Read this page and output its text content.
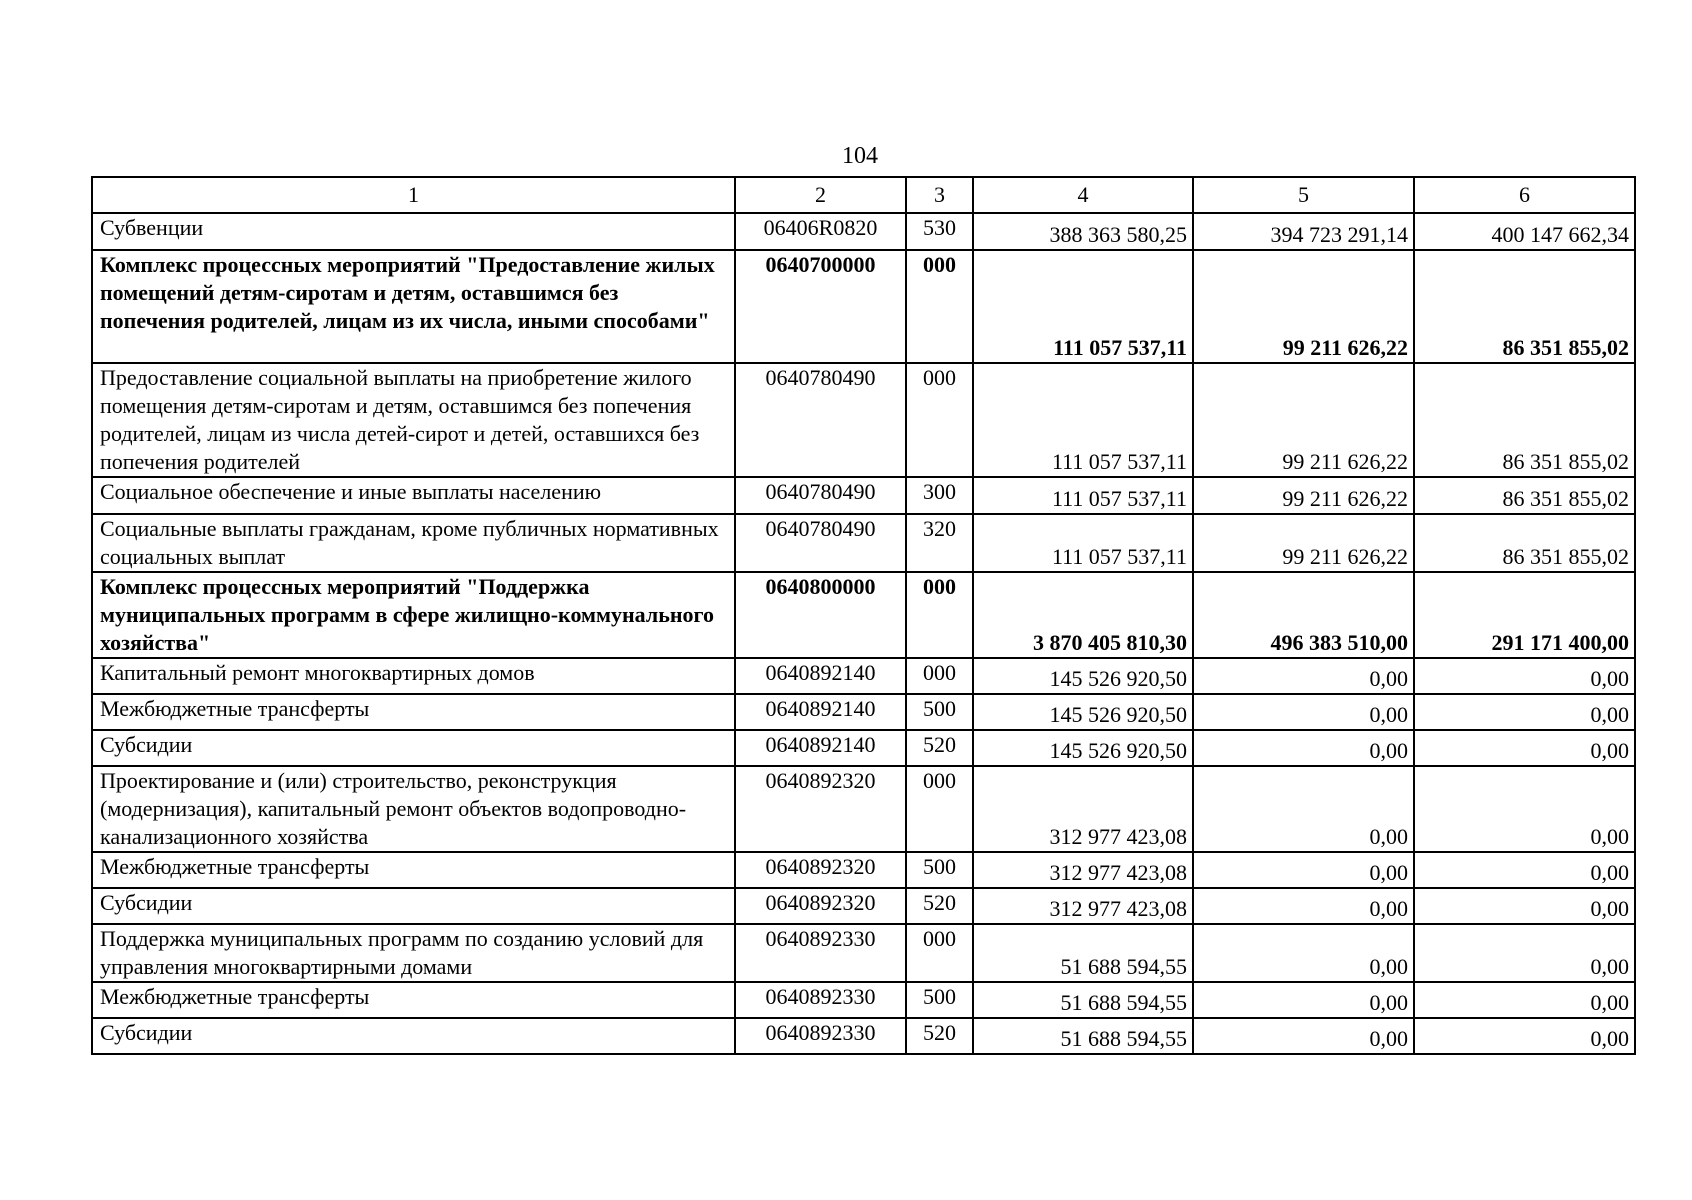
104
1	2	3	4	5	6
Субвенции	06406R0820	530	388 363 580,25	394 723 291,14	400 147 662,34
Комплекс процессных мероприятий "Предоставление жилых помещений детям-сиротам и детям, оставшимся без попечения родителей, лицам из их числа, иными способами"	0640700000	000	111 057 537,11	99 211 626,22	86 351 855,02
Предоставление социальной выплаты на приобретение жилого помещения детям-сиротам и детям, оставшимся без попечения родителей, лицам из числа детей-сирот и детей, оставшихся без попечения родителей	0640780490	000	111 057 537,11	99 211 626,22	86 351 855,02
Социальное обеспечение и иные выплаты населению	0640780490	300	111 057 537,11	99 211 626,22	86 351 855,02
Социальные выплаты гражданам, кроме публичных нормативных социальных выплат	0640780490	320	111 057 537,11	99 211 626,22	86 351 855,02
Комплекс процессных мероприятий "Поддержка муниципальных программ в сфере жилищно-коммунального хозяйства"	0640800000	000	3 870 405 810,30	496 383 510,00	291 171 400,00
Капитальный ремонт многоквартирных домов	0640892140	000	145 526 920,50	0,00	0,00
Межбюджетные трансферты	0640892140	500	145 526 920,50	0,00	0,00
Субсидии	0640892140	520	145 526 920,50	0,00	0,00
Проектирование и (или) строительство, реконструкция (модернизация), капитальный ремонт объектов водопроводно-канализационного хозяйства	0640892320	000	312 977 423,08	0,00	0,00
Межбюджетные трансферты	0640892320	500	312 977 423,08	0,00	0,00
Субсидии	0640892320	520	312 977 423,08	0,00	0,00
Поддержка муниципальных программ по созданию условий для управления многоквартирными домами	0640892330	000	51 688 594,55	0,00	0,00
Межбюджетные трансферты	0640892330	500	51 688 594,55	0,00	0,00
Субсидии	0640892330	520	51 688 594,55	0,00	0,00
